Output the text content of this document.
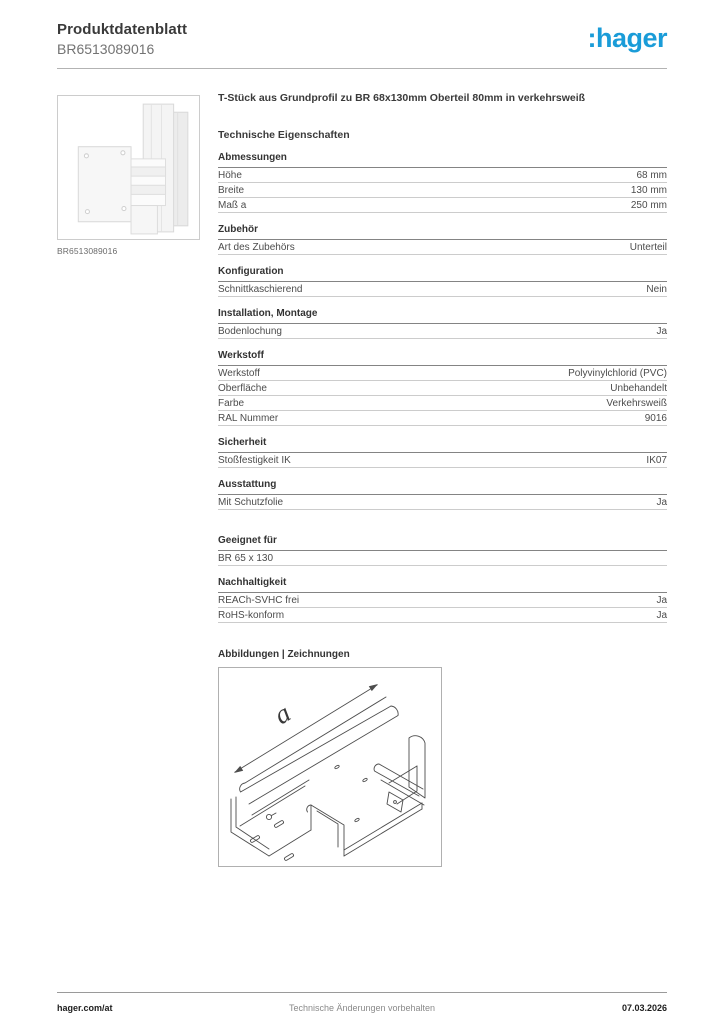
Produktdatenblatt
BR6513089016	:hager
BR6513089016
T-Stück aus Grundprofil zu BR 68x130mm Oberteil 80mm in verkehrsweiß
Technische Eigenschaften
Abmessungen
Höhe	68 mm
Breite	130 mm
Maß a	250 mm
Zubehör
Art des Zubehörs	Unterteil
Konfiguration
Schnittkaschierend	Nein
Installation, Montage
Bodenlochung	Ja
Werkstoff
Werkstoff	Polyvinylchlorid (PVC)
Oberfläche	Unbehandelt
Farbe	Verkehrsweiß
RAL Nummer	9016
Sicherheit
Stoßfestigkeit IK	IK07
Ausstattung
Mit Schutzfolie	Ja
Geeignet für
BR 65 x 130
Nachhaltigkeit
REACh-SVHC frei	Ja
RoHS-konform	Ja
Abbildungen | Zeichnungen
a
hager.com/at	Technische Änderungen vorbehalten	07.03.2026
